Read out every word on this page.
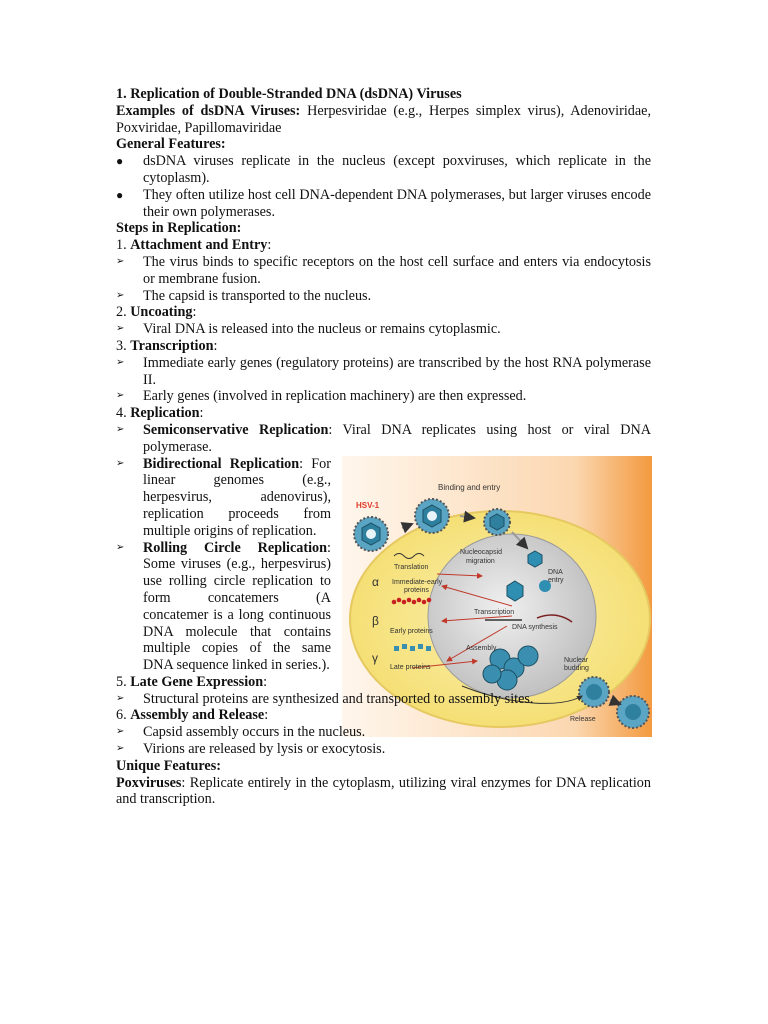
1. Replication of Double-Stranded DNA (dsDNA) Viruses

Examples of dsDNA Viruses: Herpesviridae (e.g., Herpes simplex virus), Adenoviridae, Poxviridae, Papillomaviridae

General Features:

●	dsDNA viruses replicate in the nucleus (except poxviruses, which replicate in the cytoplasm).
●	They often utilize host cell DNA-dependent DNA polymerases, but larger viruses encode their own polymerases.

Steps in Replication:

1. Attachment and Entry:

➢	The virus binds to specific receptors on the host cell surface and enters via endocytosis or membrane fusion.
➢	The capsid is transported to the nucleus.

2. Uncoating:

➢	Viral DNA is released into the nucleus or remains cytoplasmic.

3. Transcription:

➢	Immediate early genes (regulatory proteins) are transcribed by the host RNA polymerase II.
➢	Early genes (involved in replication machinery) are then expressed.

4. Replication:

➢	Semiconservative Replication: Viral DNA replicates using host or viral DNA polymerase.
➢	Bidirectional Replication: For linear genomes (e.g., herpesvirus, adenovirus), replication proceeds from multiple origins of replication.
➢	Rolling Circle Replication: Some viruses (e.g., herpesvirus) use rolling circle replication to form concatemers (A concatemer is a long continuous DNA molecule that contains multiple copies of the same DNA sequence linked in series.).
HSV-1
Binding and entry
Nucleocapsid
migration
Translation
DNA
entry
α Immediate-early
proteins
Transcription
β
Early proteins
DNA synthesis
Assembly
γ
Late proteins
Nuclear
budding
Release

5. Late Gene Expression:

➢	Structural proteins are synthesized and transported to assembly sites.

6. Assembly and Release:

➢	Capsid assembly occurs in the nucleus.
➢	Virions are released by lysis or exocytosis.

Unique Features:

Poxviruses: Replicate entirely in the cytoplasm, utilizing viral enzymes for DNA replication and transcription.
